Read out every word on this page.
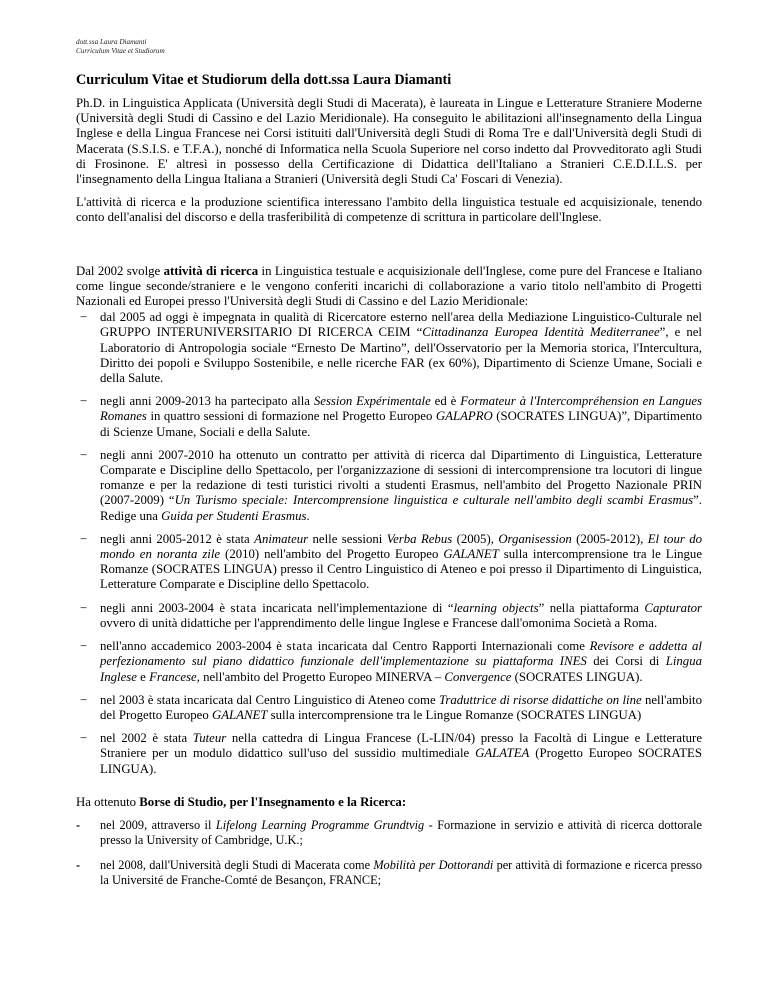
dott.ssa Laura Diamanti
Curriculum Vitae et Studiorum
Curriculum Vitae et Studiorum della dott.ssa Laura Diamanti

Ph.D. in Linguistica Applicata (Università degli Studi di Macerata), è laureata in Lingue e Letterature Straniere Moderne (Università degli Studi di Cassino e del Lazio Meridionale). Ha conseguito le abilitazioni all'insegnamento della Lingua Inglese e della Lingua Francese nei Corsi istituiti dall'Università degli Studi di Roma Tre e dall'Università degli Studi di Macerata (S.S.I.S. e T.F.A.), nonché di Informatica nella Scuola Superiore nel corso indetto dal Provveditorato agli Studi di Frosinone. E' altresì in possesso della Certificazione di Didattica dell'Italiano a Stranieri C.E.D.I.L.S. per l'insegnamento della Lingua Italiana a Stranieri (Università degli Studi Ca' Foscari di Venezia).

L'attività di ricerca e la produzione scientifica interessano l'ambito della linguistica testuale ed acquisizionale, tenendo conto dell'analisi del discorso e della trasferibilità di competenze di scrittura in particolare dell'Inglese.

Dal 2002 svolge attività di ricerca in Linguistica testuale e acquisizionale dell'Inglese, come pure del Francese e Italiano come lingue seconde/straniere e le vengono conferiti incarichi di collaborazione a vario titolo nell'ambito di Progetti Nazionali ed Europei presso l'Università degli Studi di Cassino e del Lazio Meridionale:

− dal 2005 ad oggi è impegnata in qualità di Ricercatore esterno nell'area della Mediazione Linguistico-Culturale nel GRUPPO INTERUNIVERSITARIO DI RICERCA CEIM “Cittadinanza Europea Identità Mediterranee”, e nel Laboratorio di Antropologia sociale “Ernesto De Martino”, dell'Osservatorio per la Memoria storica, l'Intercultura, Diritto dei popoli e Sviluppo Sostenibile, e nelle ricerche FAR (ex 60%), Dipartimento di Scienze Umane, Sociali e della Salute.
− negli anni 2009-2013 ha partecipato alla Session Expérimentale ed è Formateur à l'Intercompréhension en Langues Romanes in quattro sessioni di formazione nel Progetto Europeo GALAPRO (SOCRATES LINGUA)”, Dipartimento di Scienze Umane, Sociali e della Salute.
− negli anni 2007-2010 ha ottenuto un contratto per attività di ricerca dal Dipartimento di Linguistica, Letterature Comparate e Discipline dello Spettacolo, per l'organizzazione di sessioni di intercomprensione tra locutori di lingue romanze e per la redazione di testi turistici rivolti a studenti Erasmus, nell'ambito del Progetto Nazionale PRIN (2007-2009) “Un Turismo speciale: Intercomprensione linguistica e culturale nell'ambito degli scambi Erasmus”. Redige una Guida per Studenti Erasmus.
− negli anni 2005-2012 è stata Animateur nelle sessioni Verba Rebus (2005), Organisession (2005-2012), El tour do mondo en noranta zile (2010) nell'ambito del Progetto Europeo GALANET sulla intercomprensione tra le Lingue Romanze (SOCRATES LINGUA) presso il Centro Linguistico di Ateneo e poi presso il Dipartimento di Linguistica, Letterature Comparate e Discipline dello Spettacolo.
− negli anni 2003-2004 è stata incaricata nell'implementazione di “learning objects” nella piattaforma Capturator ovvero di unità didattiche per l'apprendimento delle lingue Inglese e Francese dall'omonima Società a Roma.
− nell'anno accademico 2003-2004 è stata incaricata dal Centro Rapporti Internazionali come Revisore e addetta al perfezionamento sul piano didattico funzionale dell'implementazione su piattaforma INES dei Corsi di Lingua Inglese e Francese, nell'ambito del Progetto Europeo MINERVA – Convergence (SOCRATES LINGUA).
− nel 2003 è stata incaricata dal Centro Linguistico di Ateneo come Traduttrice di risorse didattiche on line nell'ambito del Progetto Europeo GALANET sulla intercomprensione tra le Lingue Romanze (SOCRATES LINGUA)
− nel 2002 è stata Tuteur nella cattedra di Lingua Francese (L-LIN/04) presso la Facoltà di Lingue e Letterature Straniere per un modulo didattico sull'uso del sussidio multimediale GALATEA (Progetto Europeo SOCRATES LINGUA).

Ha ottenuto Borse di Studio, per l'Insegnamento e la Ricerca:

- nel 2009, attraverso il Lifelong Learning Programme Grundtvig - Formazione in servizio e attività di ricerca dottorale presso la University of Cambridge, U.K.;
- nel 2008, dall'Università degli Studi di Macerata come Mobilità per Dottorandi per attività di formazione e ricerca presso la Université de Franche-Comté de Besançon, FRANCE;
